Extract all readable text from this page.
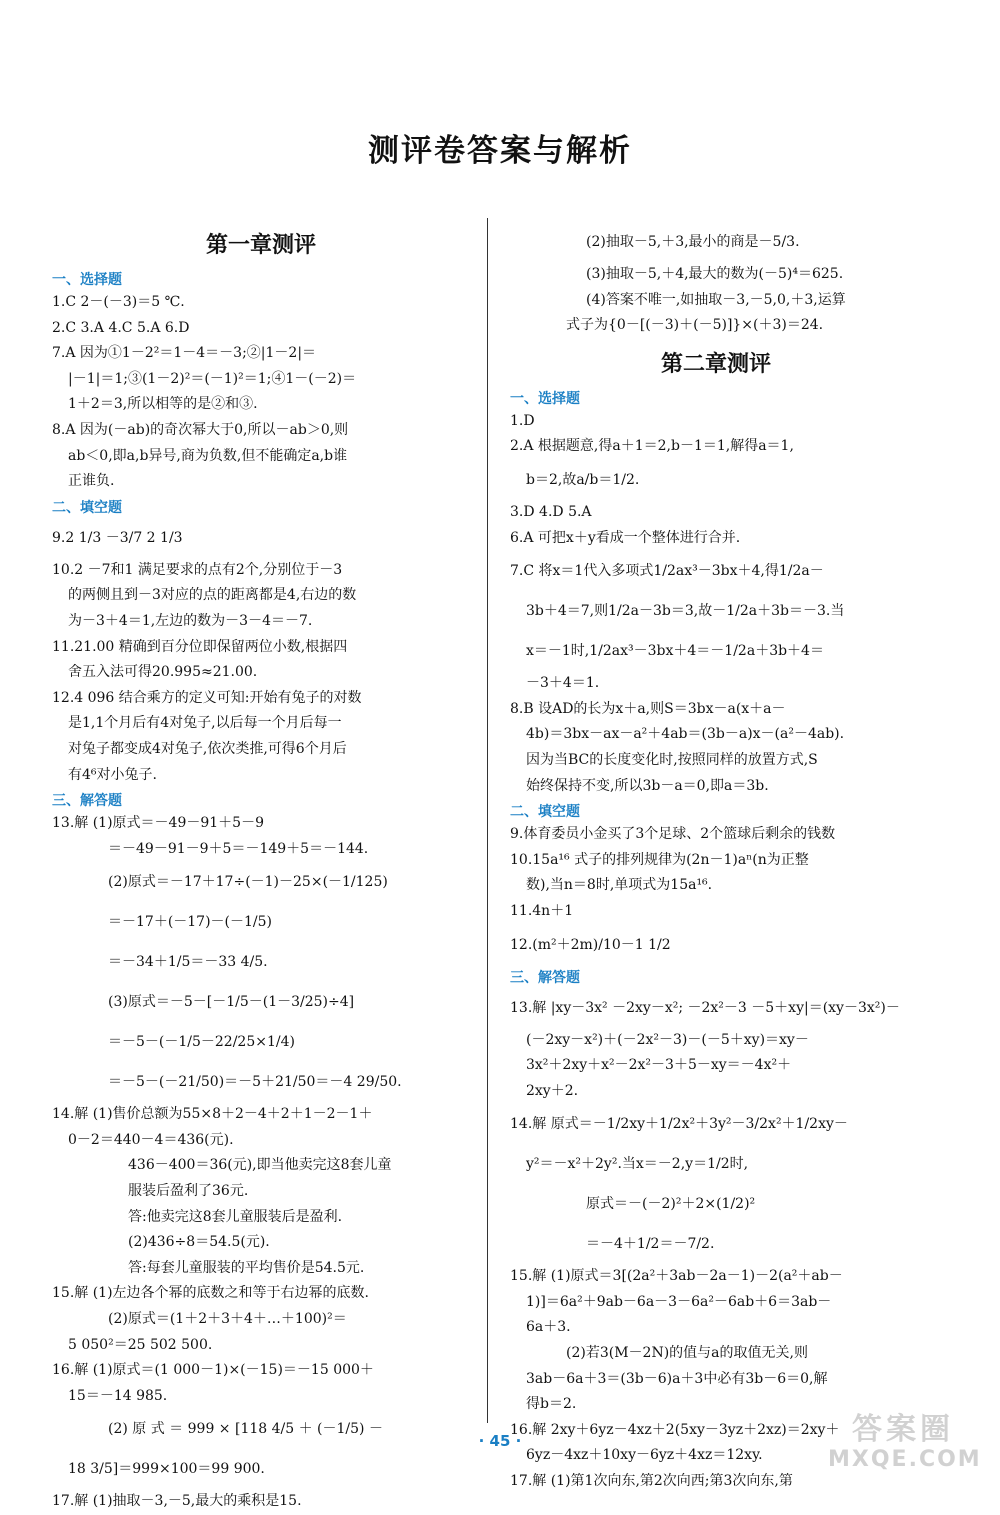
测评卷答案与解析
第一章测评
一、选择题
1.C 2－(－3)＝5 ℃.
2.C 3.A 4.C 5.A 6.D
7.A 因为①1－2²＝1－4＝－3;②|1－2|＝
|－1|＝1;③(1－2)²＝(－1)²＝1;④1－(－2)＝
1＋2＝3,所以相等的是②和③.
8.A 因为(－ab)的奇次幂大于0,所以－ab＞0,则
ab＜0,即a,b异号,商为负数,但不能确定a,b谁
正谁负.
二、填空题
9.2 1/3 －3/7 2 1/3
10.2 －7和1 满足要求的点有2个,分别位于－3
的两侧且到－3对应的点的距离都是4,右边的数
为－3＋4＝1,左边的数为－3－4＝－7.
11.21.00 精确到百分位即保留两位小数,根据四
舍五入法可得20.995≈21.00.
12.4 096 结合乘方的定义可知:开始有兔子的对数
是1,1个月后有4对兔子,以后每一个月后每一
对兔子都变成4对兔子,依次类推,可得6个月后
有4⁶对小兔子.
三、解答题
13.解 (1)原式＝－49－91＋5－9
＝－49－91－9＋5＝－149＋5＝－144.
(2)原式＝－17＋17÷(－1)－25×(－1/125)
＝－17＋(－17)－(－1/5)
＝－34＋1/5＝－33 4/5.
(3)原式＝－5－[－1/5－(1－3/25)÷4]
＝－5－(－1/5－22/25×1/4)
＝－5－(－21/50)＝－5＋21/50＝－4 29/50.
14.解 (1)售价总额为55×8＋2－4＋2＋1－2－1＋
0－2＝440－4＝436(元).
436－400＝36(元),即当他卖完这8套儿童
服装后盈利了36元.
答:他卖完这8套儿童服装后是盈利.
(2)436÷8＝54.5(元).
答:每套儿童服装的平均售价是54.5元.
15.解 (1)左边各个幂的底数之和等于右边幂的底数.
(2)原式＝(1＋2＋3＋4＋…＋100)²＝
5 050²＝25 502 500.
16.解 (1)原式＝(1 000－1)×(－15)＝－15 000＋
15＝－14 985.
(2) 原 式 ＝ 999 × [118 4/5 ＋ (－1/5) －
18 3/5]＝999×100＝99 900.
17.解 (1)抽取－3,－5,最大的乘积是15.
(2)抽取－5,＋3,最小的商是－5/3.
(3)抽取－5,＋4,最大的数为(－5)⁴＝625.
(4)答案不唯一,如抽取－3,－5,0,＋3,运算
式子为{0－[(－3)＋(－5)]}×(＋3)＝24.
第二章测评
一、选择题
1.D
2.A 根据题意,得a＋1＝2,b－1＝1,解得a＝1,
b＝2,故a/b＝1/2.
3.D 4.D 5.A
6.A 可把x＋y看成一个整体进行合并.
7.C 将x＝1代入多项式1/2ax³－3bx＋4,得1/2a－
3b＋4＝7,则1/2a－3b＝3,故－1/2a＋3b＝－3.当
x＝－1时,1/2ax³－3bx＋4＝－1/2a＋3b＋4＝
－3＋4＝1.
8.B 设AD的长为x＋a,则S＝3bx－a(x＋a－
4b)＝3bx－ax－a²＋4ab＝(3b－a)x－(a²－4ab).
因为当BC的长度变化时,按照同样的放置方式,S
始终保持不变,所以3b－a＝0,即a＝3b.
二、填空题
9.体育委员小金买了3个足球、2个篮球后剩余的钱数
10.15a¹⁶ 式子的排列规律为(2n－1)aⁿ(n为正整
数),当n＝8时,单项式为15a¹⁶.
11.4n＋1
12.(m²＋2m)/10－1 1/2
三、解答题
13.解 |xy－3x² －2xy－x²; －2x²－3 －5＋xy|＝(xy－3x²)－
(－2xy－x²)＋(－2x²－3)－(－5＋xy)＝xy－
3x²＋2xy＋x²－2x²－3＋5－xy＝－4x²＋
2xy＋2.
14.解 原式＝－1/2xy＋1/2x²＋3y²－3/2x²＋1/2xy－
y²＝－x²＋2y².当x＝－2,y＝1/2时,
原式＝－(－2)²＋2×(1/2)²
＝－4＋1/2＝－7/2.
15.解 (1)原式＝3[(2a²＋3ab－2a－1)－2(a²＋ab－
1)]＝6a²＋9ab－6a－3－6a²－6ab＋6＝3ab－
6a＋3.
(2)若3(M－2N)的值与a的取值无关,则
3ab－6a＋3＝(3b－6)a＋3中必有3b－6＝0,解
得b＝2.
16.解 2xy＋6yz－4xz＋2(5xy－3yz＋2xz)＝2xy＋
6yz－4xz＋10xy－6yz＋4xz＝12xy.
17.解 (1)第1次向东,第2次向西;第3次向东,第
· 45 ·	答案圈
MXQE.COM
